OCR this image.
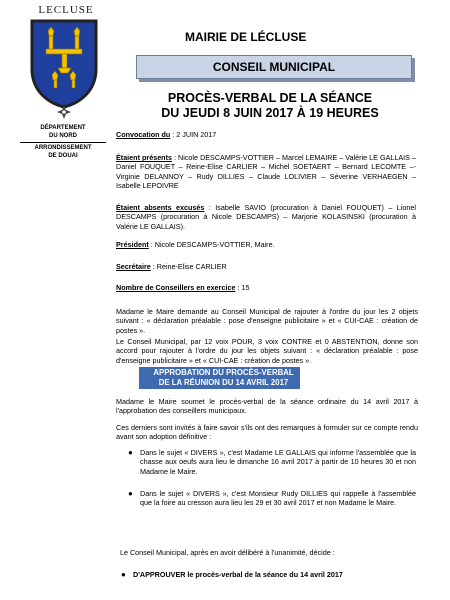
LECLUSE
DÉPARTEMENT
DU NORD
ARRONDISSEMENT
DE DOUAI
MAIRIE DE LÉCLUSE
CONSEIL MUNICIPAL
PROCÈS-VERBAL DE LA SÉANCE
DU JEUDI 8 JUIN 2017 À 19 HEURES
Convocation du : 2 JUIN 2017
Étaient présents : Nicole DESCAMPS-VOTTIER – Marcel LEMAIRE – Valérie LE GALLAIS – Daniel FOUQUET – Reine-Elise CARLIER – Michel SOETAERT – Bernard LECOMTE –- Virginie DELANNOY – Rudy DILLIES – Claude LOLIVIER – Séverine VERHAEGEN – Isabelle LEPOIVRE
Étaient absents excusés : Isabelle SAVIO (procuration à Daniel FOUQUET) – Lionel DESCAMPS (procuration à Nicole DESCAMPS) – Marjorie KOLASINSKI (procuration à Valérie LE GALLAIS).
Président : Nicole DESCAMPS-VOTTIER, Maire.
Secrétaire : Reine-Elise CARLIER
Nombre de Conseillers en exercice : 15
Madame le Maire demande au Conseil Municipal de rajouter à l'ordre du jour les 2 objets suivant : « déclaration préalable : pose d'enseigne publicitaire » et « CUI-CAE : création de postes ».
Le Conseil Municipal, par 12 voix POUR, 3 voix CONTRE et 0 ABSTENTION, donne son accord pour rajouter à l'ordre du jour les objets suivant : « déclaration préalable : pose d'enseigne publicitaire » et « CUI-CAE : création de postes ».
APPROBATION DU PROCÈS-VERBAL
DE LA RÉUNION DU 14 AVRIL 2017
Madame le Maire soumet le procès-verbal de la séance ordinaire du 14 avril 2017 à l'approbation des conseillers municipaux.
Ces derniers sont invités à faire savoir s'ils ont des remarques à formuler sur ce compte rendu avant son adoption définitive :
● Dans le sujet « DIVERS », c'est Madame LE GALLAIS qui informe l'assemblée que la chasse aux oeufs aura lieu le dimanche 16 avril 2017 à partir de 10 heures 30 et non Madame le Maire.
● Dans le sujet « DIVERS », c'est Monsieur Rudy DILLIES qui rappelle à l'assemblée que la foire au cresson aura lieu les 29 et 30 avril 2017 et non Madame le Maire.
Le Conseil Municipal, après en avoir délibéré à l'unanimité, décide :
● D'APPROUVER le procès-verbal de la séance du 14 avril 2017
